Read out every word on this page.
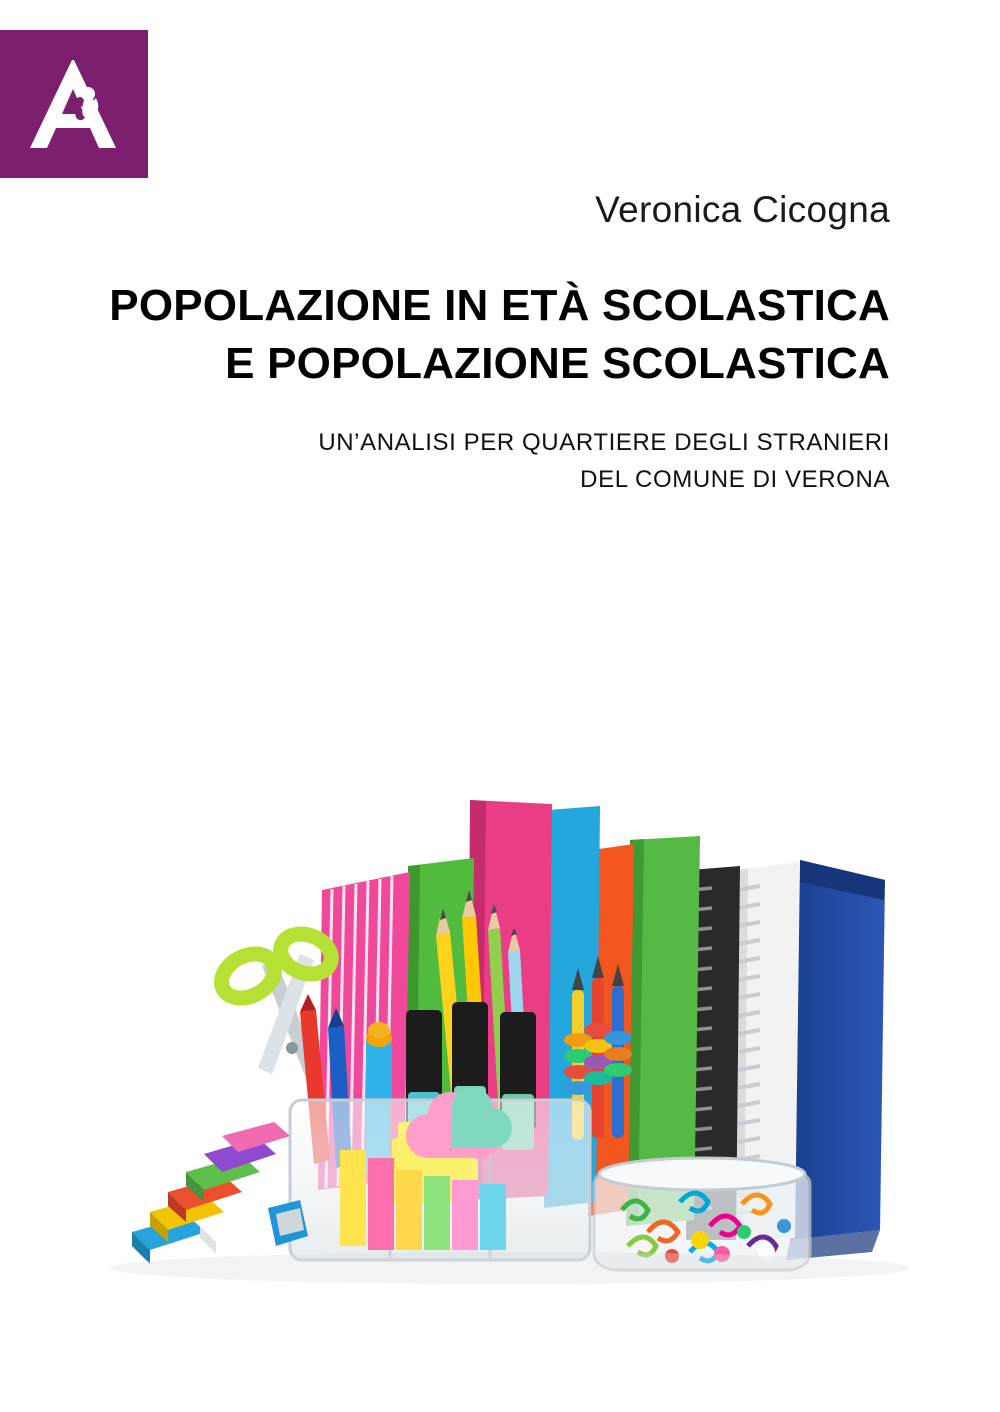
Veronica Cicogna
POPOLAZIONE IN ETÀ SCOLASTICA
E POPOLAZIONE SCOLASTICA
UN’ANALISI PER QUARTIERE DEGLI STRANIERI
DEL COMUNE DI VERONA
